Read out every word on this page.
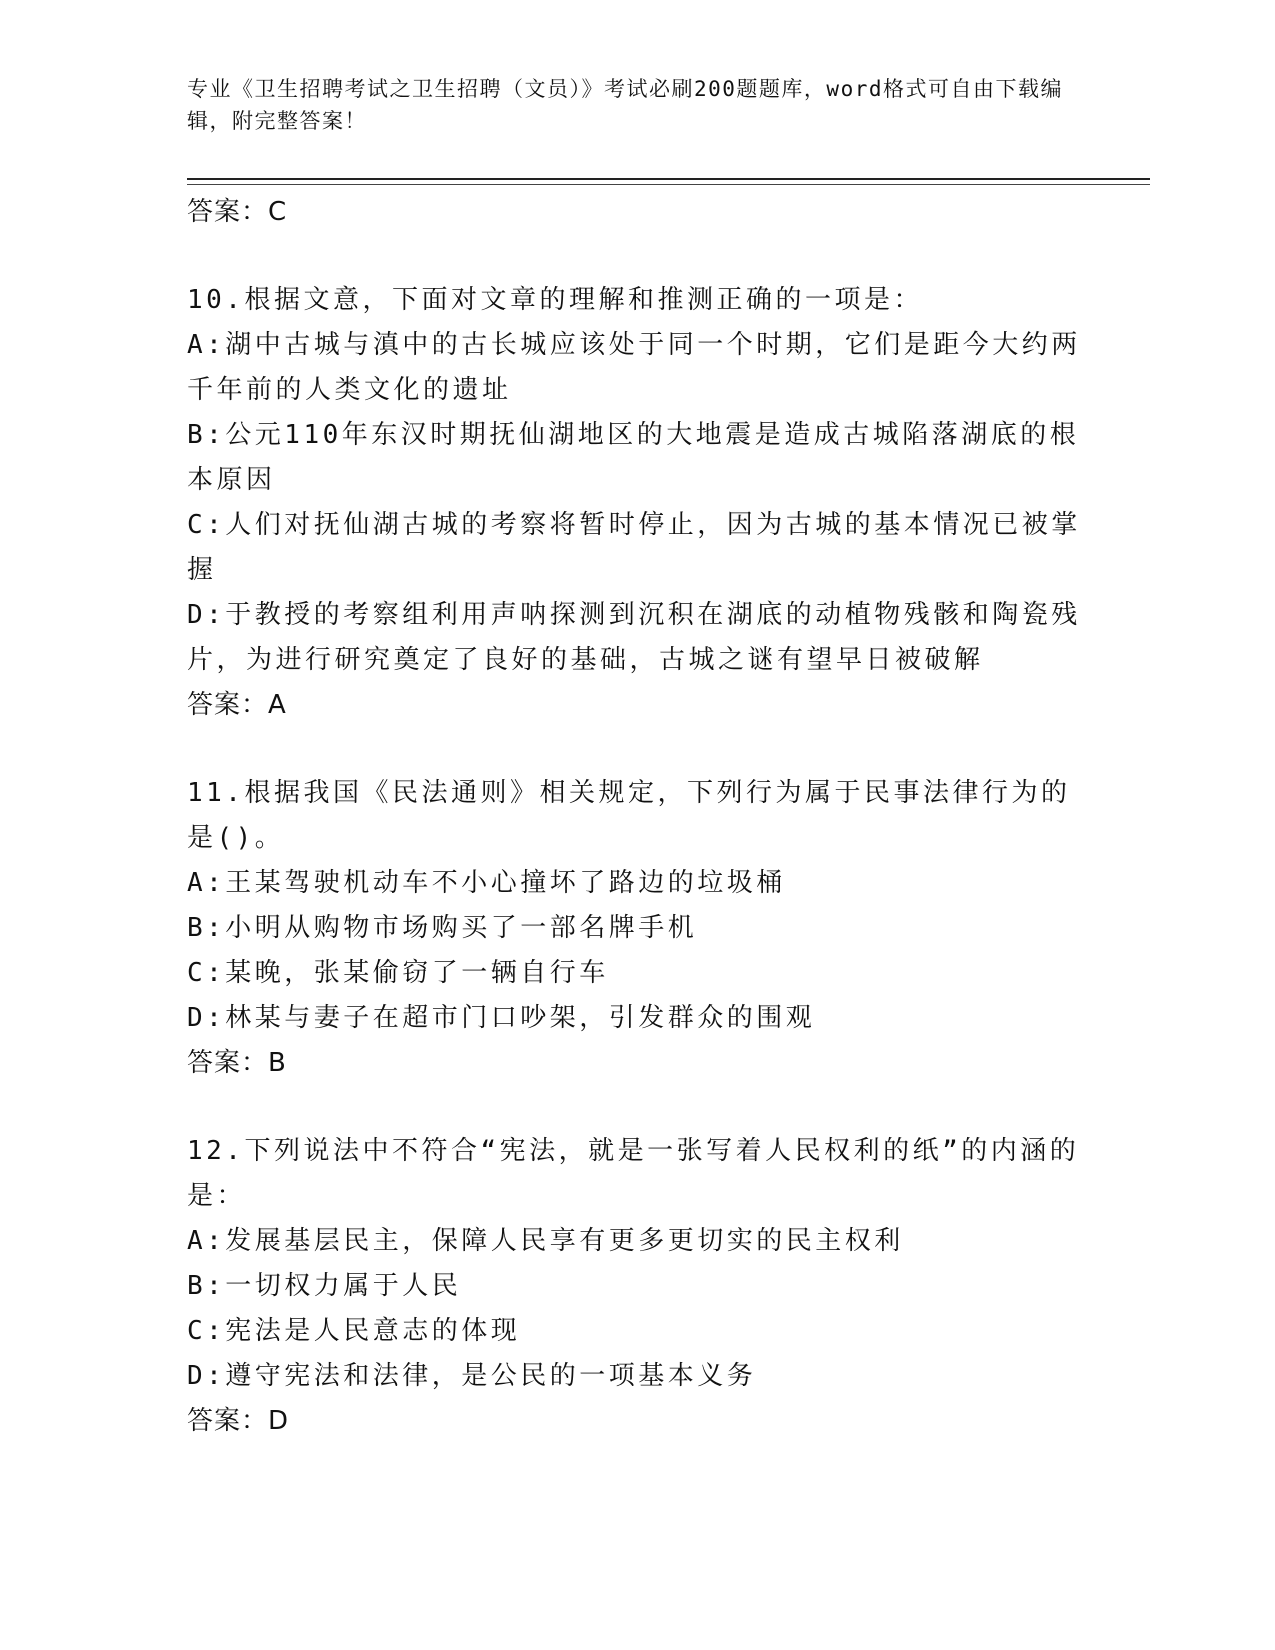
专业《卫生招聘考试之卫生招聘（文员）》考试必刷200题题库，word格式可自由下载编辑，附完整答案！

答案：C

10.根据文意，下面对文章的理解和推测正确的一项是：

A:湖中古城与滇中的古长城应该处于同一个时期，它们是距今大约两千年前的人类文化的遗址

B:公元110年东汉时期抚仙湖地区的大地震是造成古城陷落湖底的根本原因

C:人们对抚仙湖古城的考察将暂时停止，因为古城的基本情况已被掌握

D:于教授的考察组利用声呐探测到沉积在湖底的动植物残骸和陶瓷残片，为进行研究奠定了良好的基础，古城之谜有望早日被破解

答案：A

11.根据我国《民法通则》相关规定，下列行为属于民事法律行为的是()。

A:王某驾驶机动车不小心撞坏了路边的垃圾桶

B:小明从购物市场购买了一部名牌手机

C:某晚，张某偷窃了一辆自行车

D:林某与妻子在超市门口吵架，引发群众的围观

答案：B

12.下列说法中不符合“宪法，就是一张写着人民权利的纸”的内涵的是：

A:发展基层民主，保障人民享有更多更切实的民主权利

B:一切权力属于人民

C:宪法是人民意志的体现

D:遵守宪法和法律，是公民的一项基本义务

答案：D
